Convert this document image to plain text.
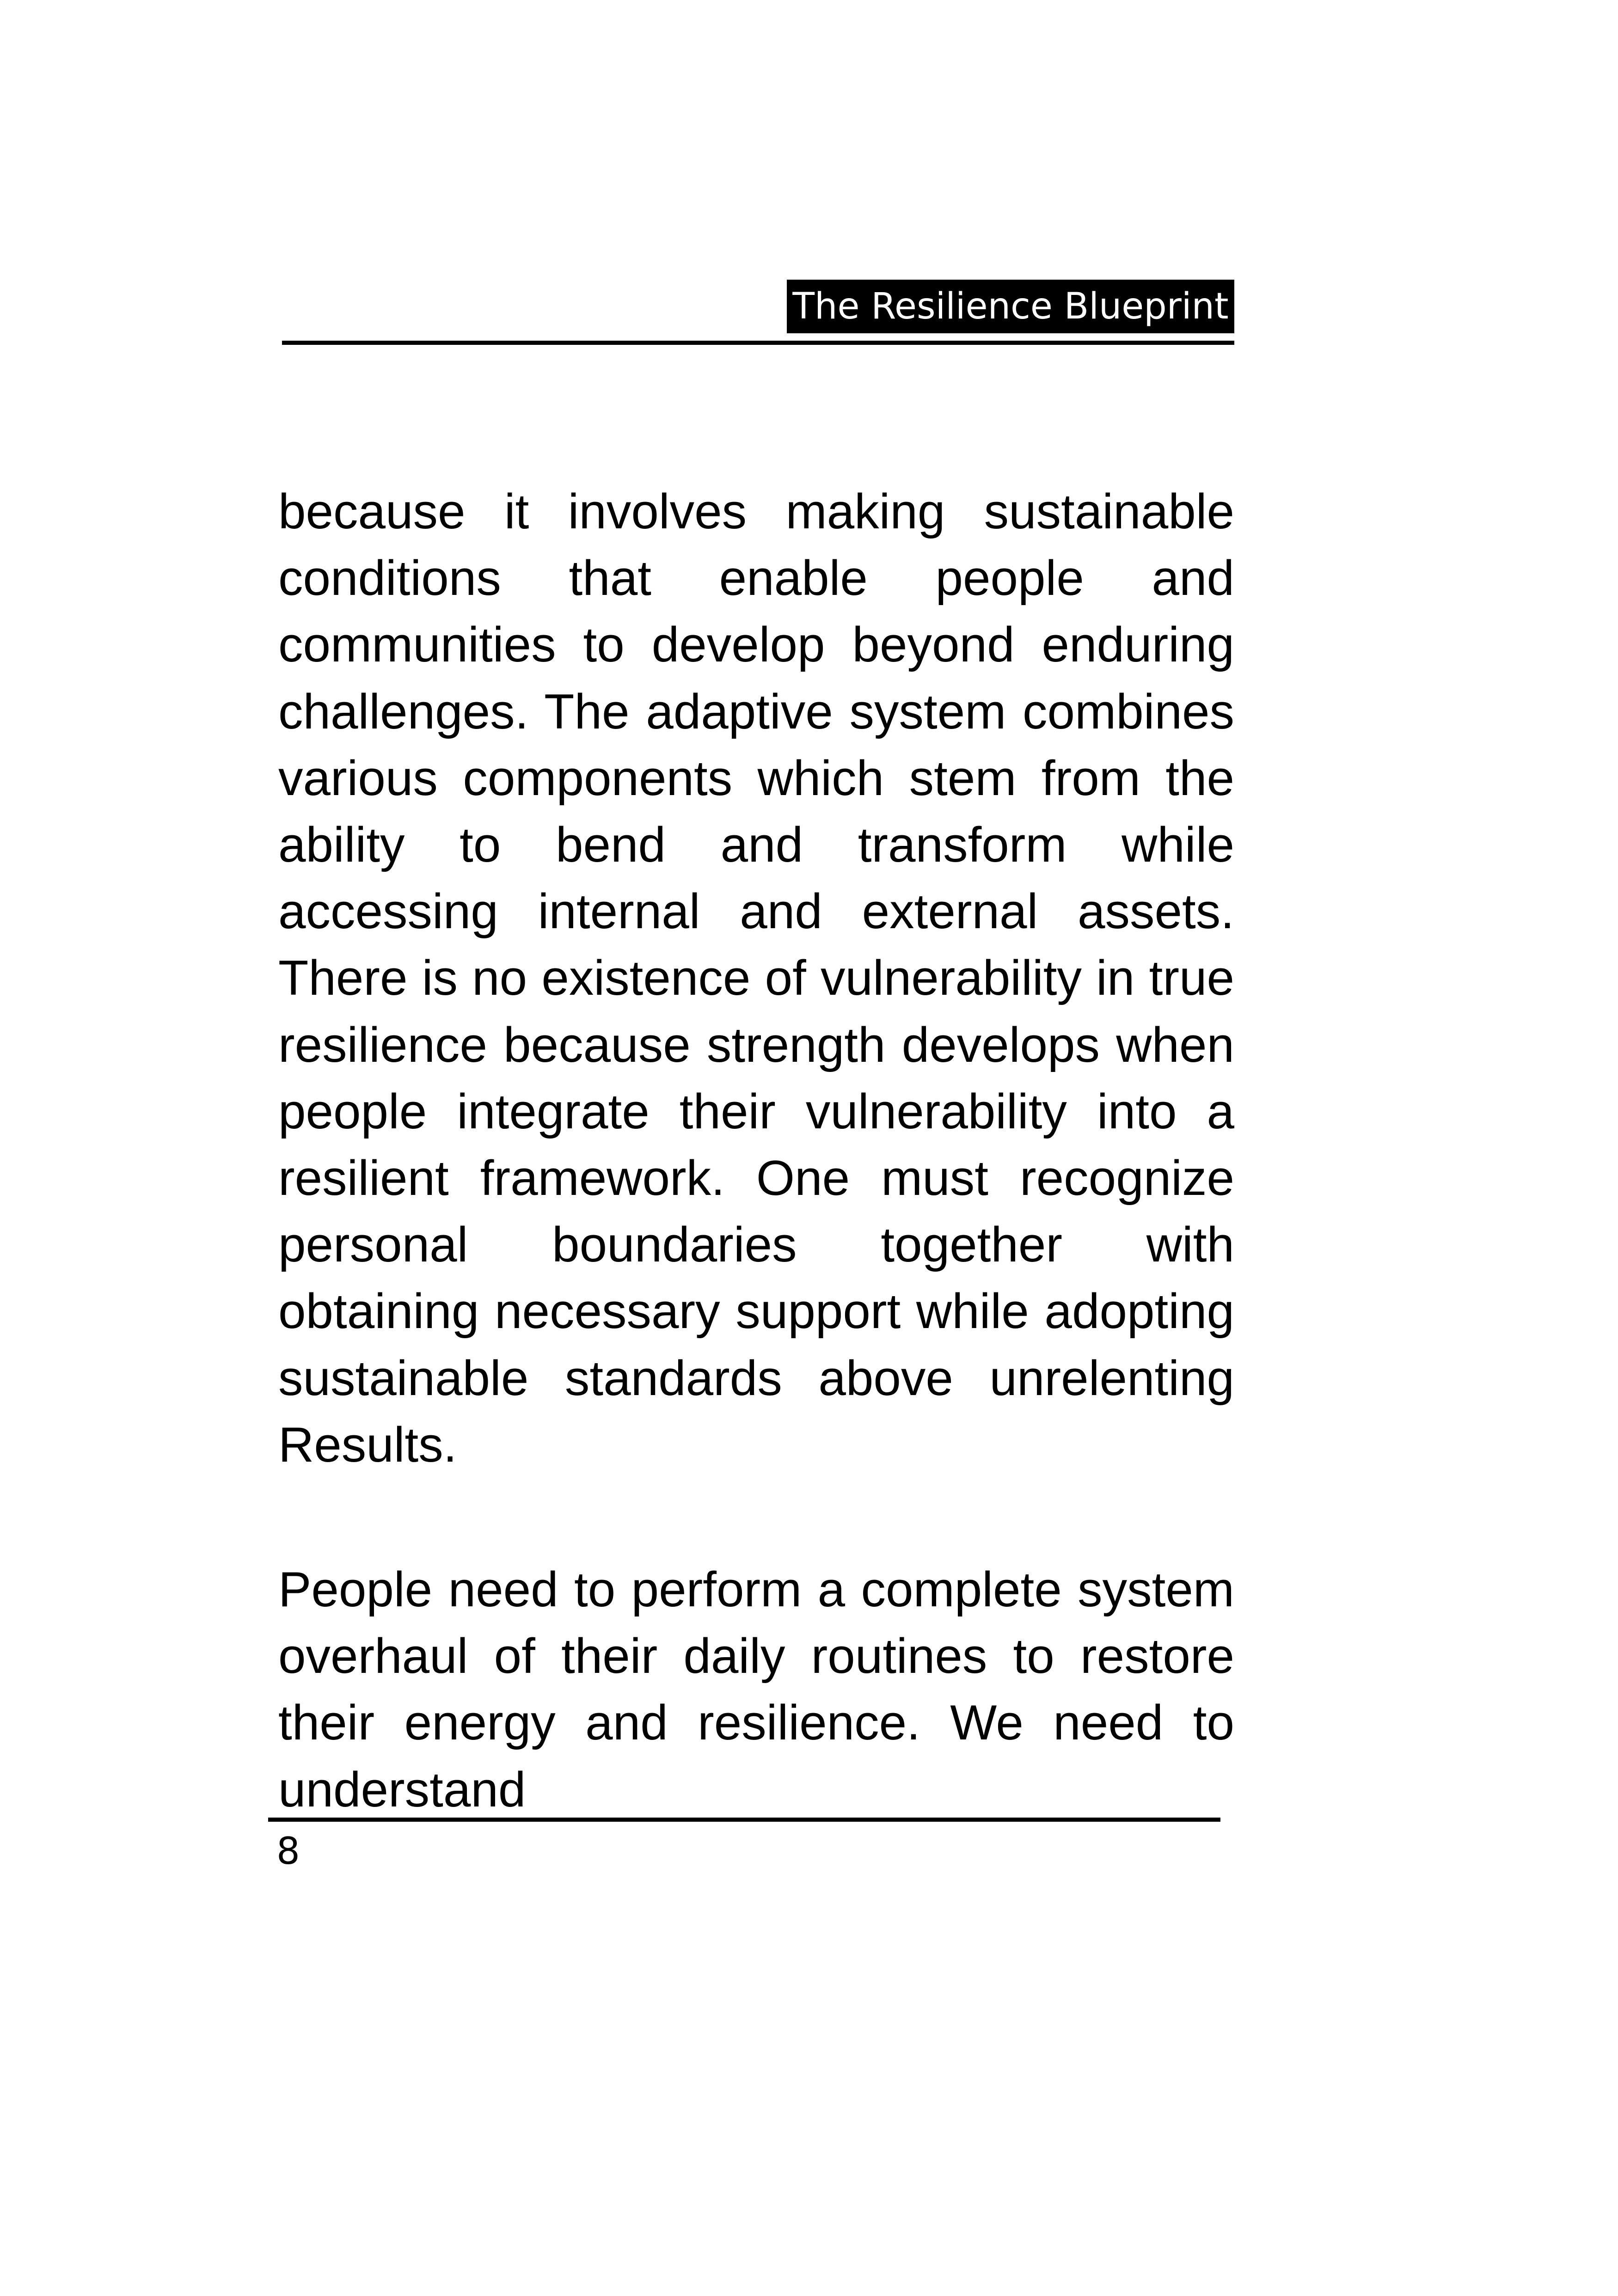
The Resilience Blueprint

because it involves making sustainable conditions that enable people and communities to develop beyond enduring challenges. The adaptive system combines various components which stem from the ability to bend and transform while accessing internal and external assets. There is no existence of vulnerability in true resilience because strength develops when people integrate their vulnerability into a resilient framework. One must recognize personal boundaries together with obtaining necessary support while adopting sustainable standards above unrelenting Results.

People need to perform a complete system overhaul of their daily routines to restore their energy and resilience. We need to understand

8
